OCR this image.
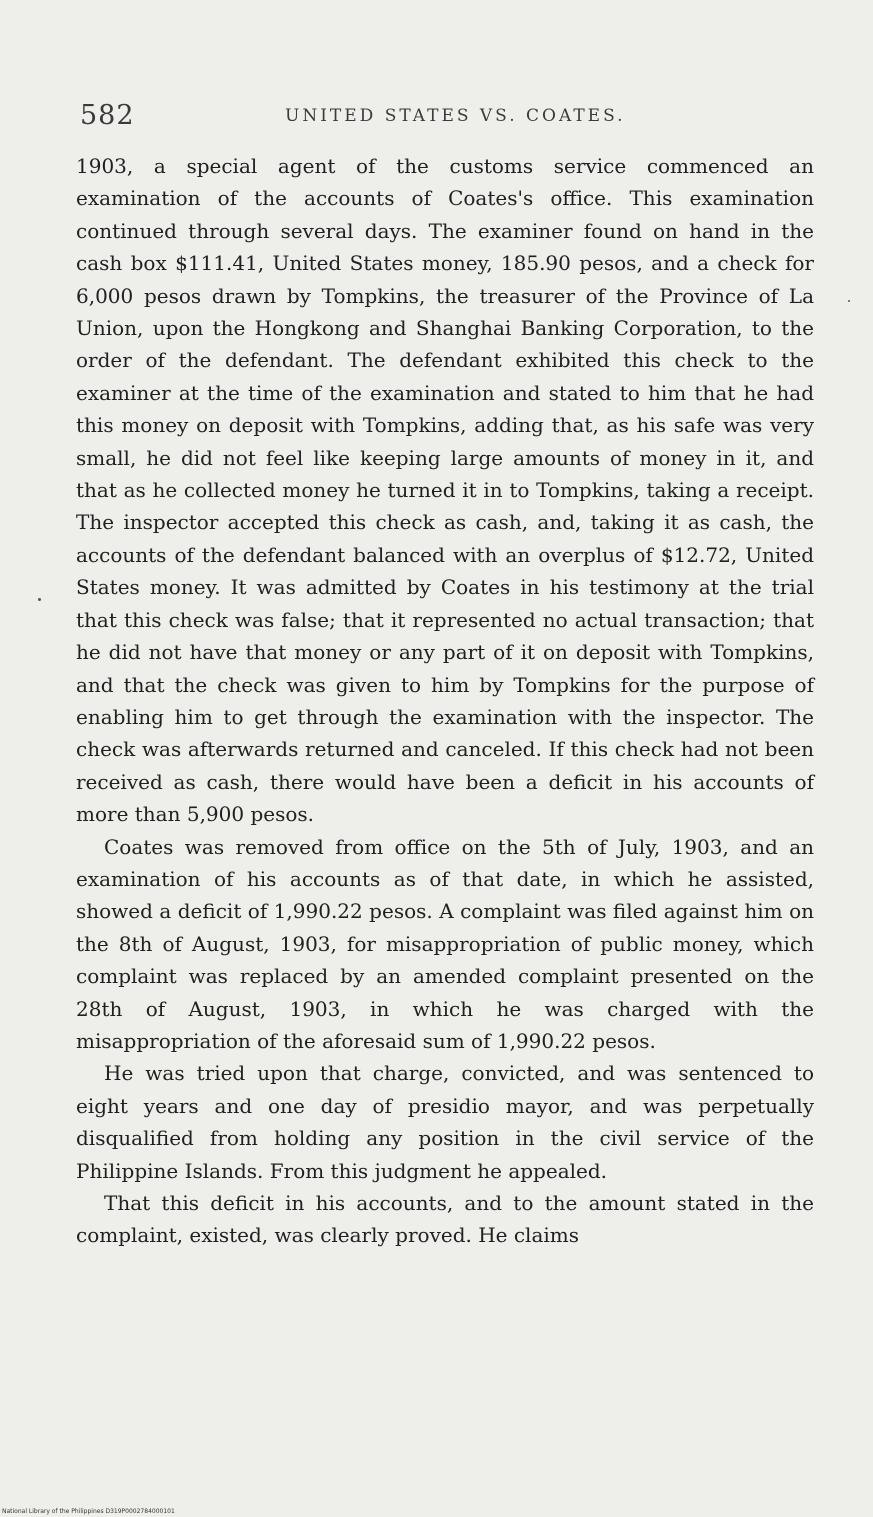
582	UNITED STATES VS. COATES.

1903, a special agent of the customs service commenced an examination of the accounts of Coates's office. This examination continued through several days. The examiner found on hand in the cash box $111.41, United States money, 185.90 pesos, and a check for 6,000 pesos drawn by Tompkins, the treasurer of the Province of La Union, upon the Hongkong and Shanghai Banking Corporation, to the order of the defendant. The defendant exhibited this check to the examiner at the time of the examination and stated to him that he had this money on deposit with Tompkins, adding that, as his safe was very small, he did not feel like keeping large amounts of money in it, and that as he collected money he turned it in to Tompkins, taking a receipt. The inspector accepted this check as cash, and, taking it as cash, the accounts of the defendant balanced with an overplus of $12.72, United States money. It was admitted by Coates in his testimony at the trial that this check was false; that it represented no actual transaction; that he did not have that money or any part of it on deposit with Tompkins, and that the check was given to him by Tompkins for the purpose of enabling him to get through the examination with the inspector. The check was afterwards returned and canceled. If this check had not been received as cash, there would have been a deficit in his accounts of more than 5,900 pesos.

Coates was removed from office on the 5th of July, 1903, and an examination of his accounts as of that date, in which he assisted, showed a deficit of 1,990.22 pesos. A complaint was filed against him on the 8th of August, 1903, for misappropriation of public money, which complaint was replaced by an amended complaint presented on the 28th of August, 1903, in which he was charged with the misappropriation of the aforesaid sum of 1,990.22 pesos.

He was tried upon that charge, convicted, and was sentenced to eight years and one day of presidio mayor, and was perpetually disqualified from holding any position in the civil service of the Philippine Islands. From this judgment he appealed.

That this deficit in his accounts, and to the amount stated in the complaint, existed, was clearly proved. He claims

National Library of the Philippines D319P0002784000101
